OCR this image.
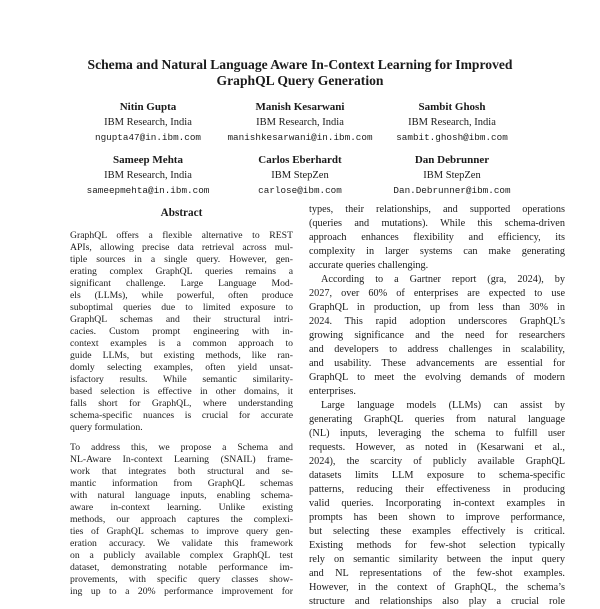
Schema and Natural Language Aware In-Context Learning for Improved
GraphQL Query Generation
Nitin Gupta
IBM Research, India
ngupta47@in.ibm.com
Manish Kesarwani
IBM Research, India
manishkesarwani@in.ibm.com
Sambit Ghosh
IBM Research, India
sambit.ghosh@ibm.com
Sameep Mehta
IBM Research, India
sameepmehta@in.ibm.com
Carlos Eberhardt
IBM StepZen
carlose@ibm.com
Dan Debrunner
IBM StepZen
Dan.Debrunner@ibm.com
Abstract
GraphQL offers a flexible alternative to REST
APIs, allowing precise data retrieval across mul-
tiple sources in a single query. However, gen-
erating complex GraphQL queries remains a
significant challenge. Large Language Mod-
els (LLMs), while powerful, often produce
suboptimal queries due to limited exposure to
GraphQL schemas and their structural intri-
cacies. Custom prompt engineering with in-
context examples is a common approach to
guide LLMs, but existing methods, like ran-
domly selecting examples, often yield unsat-
isfactory results. While semantic similarity-
based selection is effective in other domains, it
falls short for GraphQL, where understanding
schema-specific nuances is crucial for accurate
query formulation.
To address this, we propose a Schema and
NL-Aware In-context Learning (SNAIL) frame-
work that integrates both structural and se-
mantic information from GraphQL schemas
with natural language inputs, enabling schema-
aware in-context learning. Unlike existing
methods, our approach captures the complexi-
ties of GraphQL schemas to improve query gen-
eration accuracy. We validate this framework
on a publicly available complex GraphQL test
dataset, demonstrating notable performance im-
provements, with specific query classes show-
ing up to a 20% performance improvement for
types, their relationships, and supported operations
(queries and mutations). While this schema-driven
approach enhances flexibility and efficiency, its
complexity in larger systems can make generating
accurate queries challenging.
According to a Gartner report (gra, 2024), by
2027, over 60% of enterprises are expected to use
GraphQL in production, up from less than 30% in
2024. This rapid adoption underscores GraphQL’s
growing significance and the need for researchers
and developers to address challenges in scalability,
and usability. These advancements are essential for
GraphQL to meet the evolving demands of modern
enterprises.
Large language models (LLMs) can assist by
generating GraphQL queries from natural language
(NL) inputs, leveraging the schema to fulfill user
requests. However, as noted in (Kesarwani et al.,
2024), the scarcity of publicly available GraphQL
datasets limits LLM exposure to schema-specific
patterns, reducing their effectiveness in producing
valid queries. Incorporating in-context examples in
prompts has been shown to improve performance,
but selecting these examples effectively is critical.
Existing methods for few-shot selection typically
rely on semantic similarity between the input query
and NL representations of the few-shot examples.
However, in the context of GraphQL, the schema’s
structure and relationships also play a crucial role
